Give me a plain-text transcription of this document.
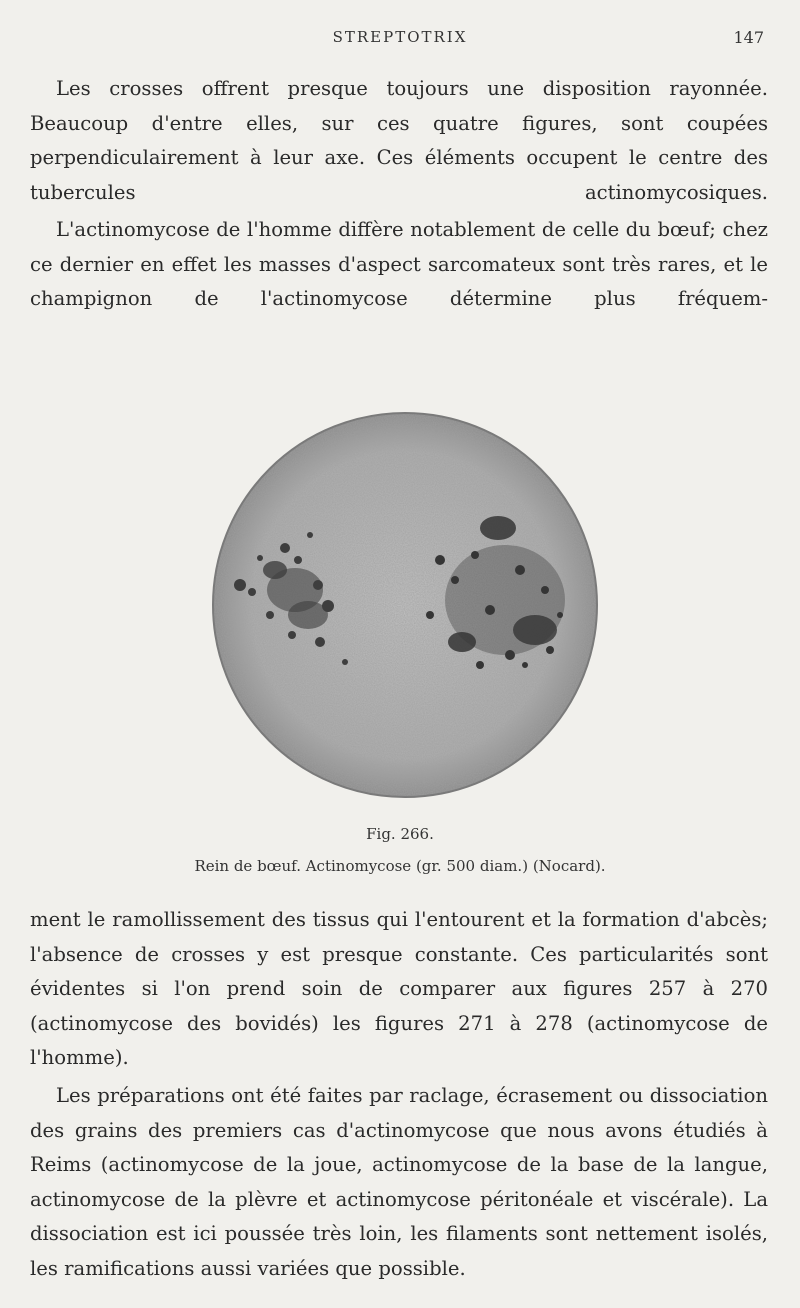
STREPTOTRIX	147

Les crosses offrent presque toujours une disposition rayonnée. Beaucoup d'entre elles, sur ces quatre figures, sont coupées perpendiculairement à leur axe. Ces éléments occupent le centre des tubercules actinomycosiques.

L'actinomycose de l'homme diffère notablement de celle du bœuf; chez ce dernier en effet les masses d'aspect sarcomateux sont très rares, et le champignon de l'actinomycose détermine plus fréquem-

Fig. 266.
Rein de bœuf. Actinomycose (gr. 500 diam.) (Nocard).

ment le ramollissement des tissus qui l'entourent et la formation d'abcès; l'absence de crosses y est presque constante. Ces particularités sont évidentes si l'on prend soin de comparer aux figures 257 à 270 (actinomycose des bovidés) les figures 271 à 278 (actinomycose de l'homme).

Les préparations ont été faites par raclage, écrasement ou dissociation des grains des premiers cas d'actinomycose que nous avons étudiés à Reims (actinomycose de la joue, actinomycose de la base de la langue, actinomycose de la plèvre et actinomycose péritonéale et viscérale). La dissociation est ici poussée très loin, les filaments sont nettement isolés, les ramifications aussi variées que possible.
